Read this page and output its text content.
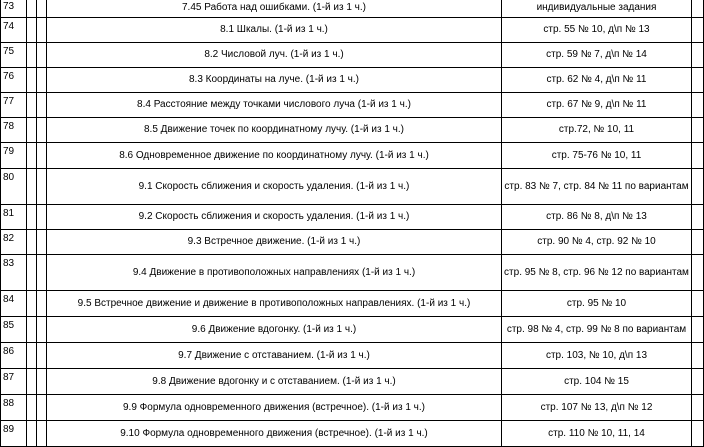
73			7.45 Работа над ошибками. (1-й из 1 ч.)	индивидуальные задания	
74			8.1 Шкалы. (1-й из 1 ч.)	стр. 55 № 10, д\п № 13	
75			8.2 Числовой луч. (1-й из 1 ч.)	стр. 59 № 7, д\п № 14	
76			8.3 Координаты на луче. (1-й из 1 ч.)	стр. 62 № 4, д\п № 11	
77			8.4 Расстояние между точками числового луча (1-й из 1 ч.)	стр. 67 № 9, д\п № 11	
78			8.5 Движение точек по координатному лучу. (1-й из 1 ч.)	стр.72, № 10, 11	
79			8.6 Одновременное движение по координатному лучу. (1-й из 1 ч.)	стр. 75-76 № 10, 11	
80			9.1 Скорость сближения и скорость удаления. (1-й из 1 ч.)	стр. 83 № 7, стр. 84 № 11 по вариантам	
81			9.2 Скорость сближения и скорость удаления. (1-й из 1 ч.)	стр. 86 № 8, д\п № 13	
82			9.3 Встречное движение. (1-й из 1 ч.)	стр. 90 № 4, стр. 92 № 10	
83			9.4 Движение в противоположных направлениях (1-й из 1 ч.)	стр. 95 № 8, стр. 96 № 12 по вариантам	
84			9.5 Встречное движение и движение в противоположных направлениях. (1-й из 1 ч.)	стр. 95 № 10	
85			9.6 Движение вдогонку. (1-й из 1 ч.)	стр. 98 № 4, стр. 99 № 8 по вариантам	
86			9.7 Движение с отставанием. (1-й из 1 ч.)	стр. 103, № 10, д\п 13	
87			9.8 Движение вдогонку и с отставанием. (1-й из 1 ч.)	стр. 104 № 15	
88			9.9 Формула одновременного движения (встречное). (1-й из 1 ч.)	стр. 107 № 13, д\п № 12	
89			9.10 Формула одновременного движения (встречное). (1-й из 1 ч.)	стр. 110 № 10, 11, 14	
